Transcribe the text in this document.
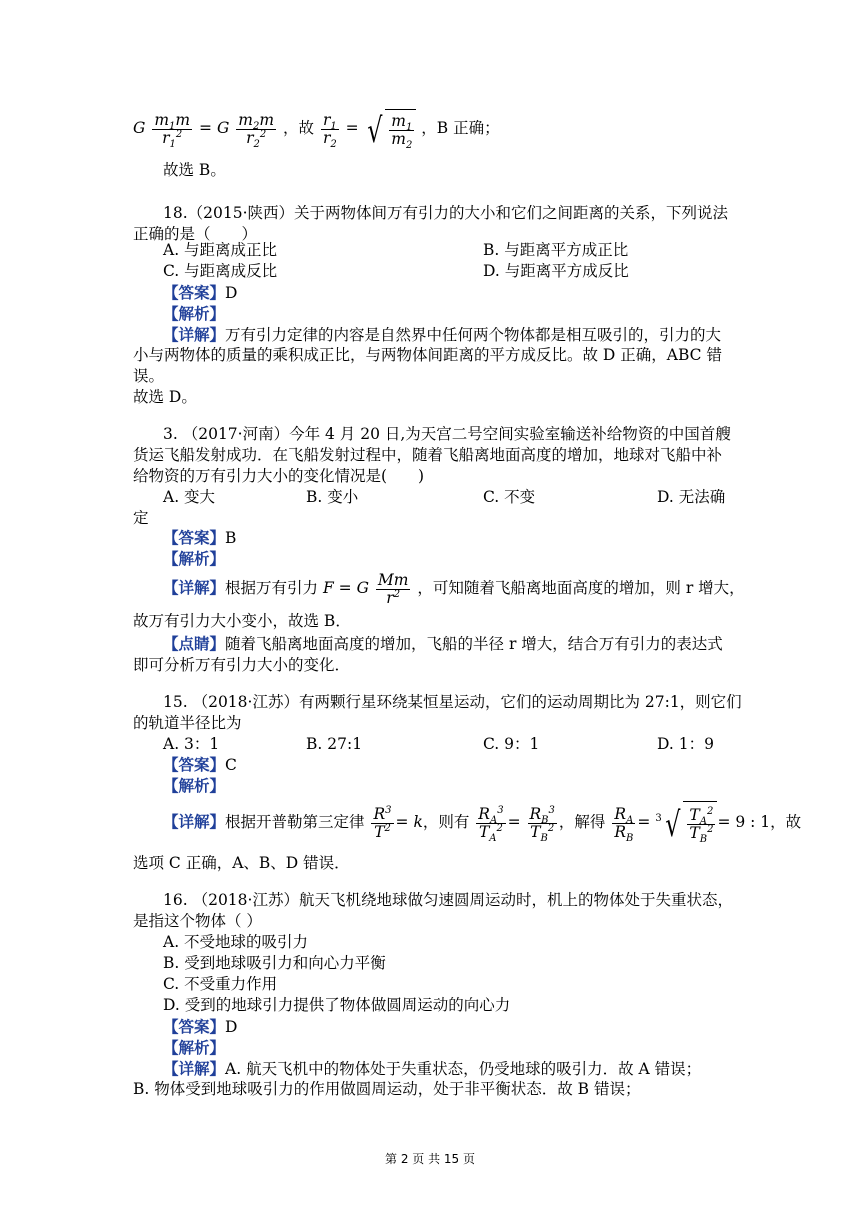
G $\frac{m_1m}{r_1^2} = G \frac{m_2m}{r_2^2}$ ，故 $\frac{r_1}{r_2}$ = √ $\frac{m_1}{m_2}$ ，B 正确；
故选 B。
18.（2015·陕西）关于两物体间万有引力的大小和它们之间距离的关系，下列说法
正确的是（　　）
A. 与距离成正比	B. 与距离平方成正比
C. 与距离成反比	D. 与距离平方成反比
【答案】D
【解析】
【详解】万有引力定律的内容是自然界中任何两个物体都是相互吸引的，引力的大
小与两物体的质量的乘积成正比，与两物体间距离的平方成反比。故 D 正确，ABC 错
误。
故选 D。
3. （2017·河南）今年 4 月 20 日,为天宫二号空间实验室输送补给物资的中国首艘
货运飞船发射成功．在飞船发射过程中，随着飞船离地面高度的增加，地球对飞船中补
给物资的万有引力大小的变化情况是(　　)
A. 变大	B. 变小	C. 不变	D. 无法确
定
【答案】B
【解析】
【详解】根据万有引力 F = G $\frac{Mm}{r^2}$ ，可知随着飞船离地面高度的增加，则 r 增大，
故万有引力大小变小，故选 B．
【点睛】随着飞船离地面高度的增加，飞船的半径 r 增大，结合万有引力的表达式
即可分析万有引力大小的变化．
15. （2018·江苏）有两颗行星环绕某恒星运动，它们的运动周期比为 27:1，则它们
的轨道半径比为
A. 3：1	B. 27:1	C. 9：1	D. 1：9
【答案】C
【解析】
【详解】根据开普勒第三定律 $\frac{R^3}{T^2} = k$，则有 $\frac{R_A^3}{T_A^2} = \frac{R_B^3}{T_B^2}$ ，解得 $\frac{R_A}{R_B} = ^3√ \frac{T_A^2}{T_B^2} = 9$ : 1，故
选项 C 正确，A、B、D 错误．
16. （2018·江苏）航天飞机绕地球做匀速圆周运动时，机上的物体处于失重状态，
是指这个物体（ ）
A. 不受地球的吸引力
B. 受到地球吸引力和向心力平衡
C. 不受重力作用
D. 受到的地球引力提供了物体做圆周运动的向心力
【答案】D
【解析】
【详解】A. 航天飞机中的物体处于失重状态，仍受地球的吸引力．故 A 错误；
B. 物体受到地球吸引力的作用做圆周运动，处于非平衡状态．故 B 错误；
第 2 页 共 15 页
